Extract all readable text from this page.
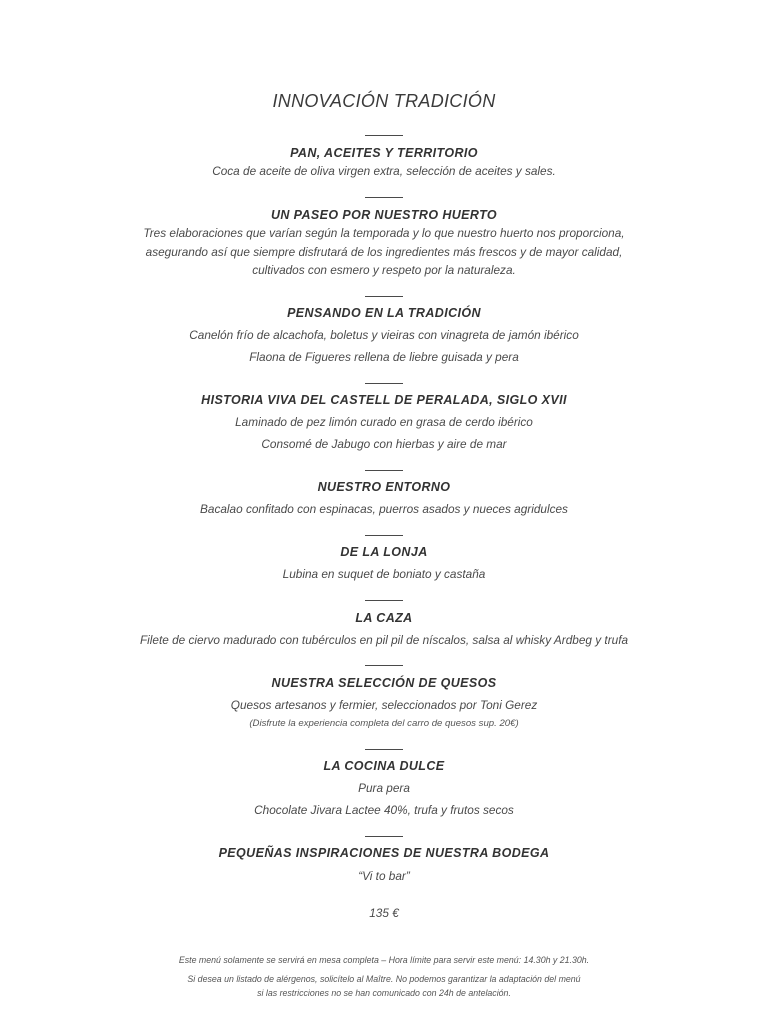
INNOVACIÓN TRADICIÓN
PAN, ACEITES Y TERRITORIO
Coca de aceite de oliva virgen extra, selección de aceites y sales.
UN PASEO POR NUESTRO HUERTO
Tres elaboraciones que varían según la temporada y lo que nuestro huerto nos proporciona,
asegurando así que siempre disfrutará de los ingredientes más frescos y de mayor calidad,
cultivados con esmero y respeto por la naturaleza.
PENSANDO EN LA TRADICIÓN
Canelón frío de alcachofa, boletus y vieiras con vinagreta de jamón ibérico
Flaona de Figueres rellena de liebre guisada y pera
HISTORIA VIVA DEL CASTELL DE PERALADA, SIGLO XVII
Laminado de pez limón curado en grasa de cerdo ibérico
Consomé de Jabugo con hierbas y aire de mar
NUESTRO ENTORNO
Bacalao confitado con espinacas, puerros asados y nueces agridulces
DE LA LONJA
Lubina en suquet de boniato y castaña
LA CAZA
Filete de ciervo madurado con tubérculos en pil pil de níscalos, salsa al whisky Ardbeg y trufa
NUESTRA SELECCIÓN DE QUESOS
Quesos artesanos y fermier, seleccionados por Toni Gerez
(Disfrute la experiencia completa del carro de quesos sup. 20€)
LA COCINA DULCE
Pura pera
Chocolate Jivara Lactee 40%, trufa y frutos secos
PEQUEÑAS INSPIRACIONES DE NUESTRA BODEGA
“Vi to bar”
135 €
Este menú solamente se servirá en mesa completa – Hora límite para servir este menú: 14.30h y 21.30h.
Si desea un listado de alérgenos, solicítelo al Maître. No podemos garantizar la adaptación del menú
si las restricciones no se han comunicado con 24h de antelación.
